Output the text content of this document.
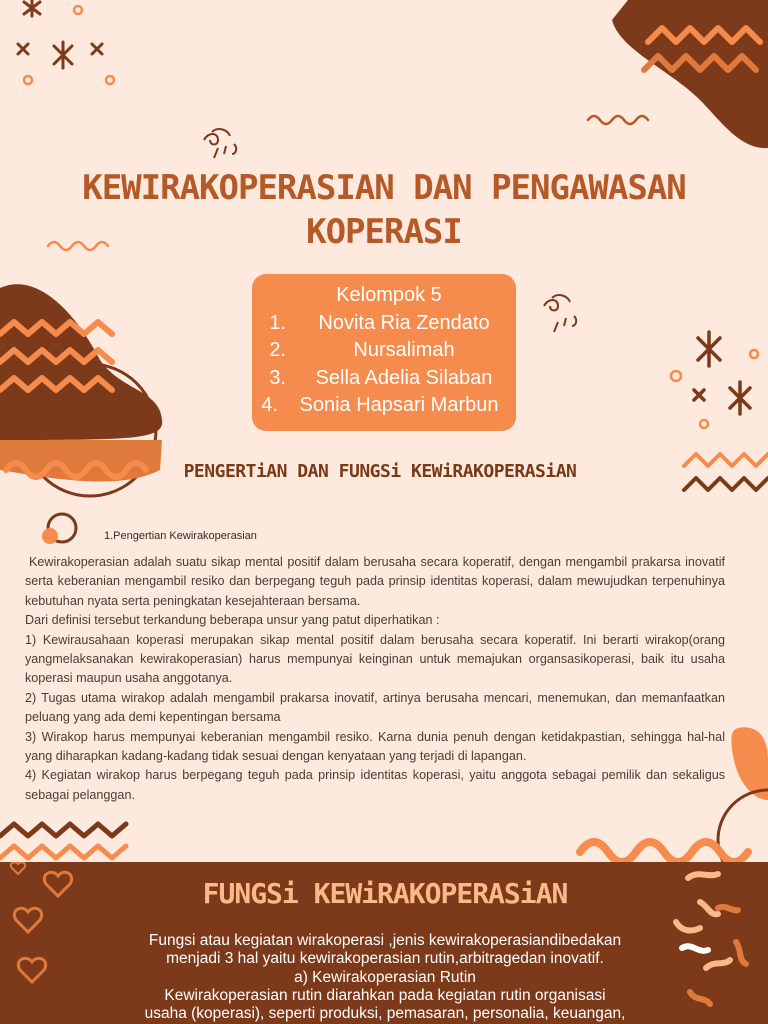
KEWIRAKOPERASIAN DAN PENGAWASAN
KOPERASI
Kelompok 5
1.	Novita Ria Zendato
2.	Nursalimah
3.	Sella Adelia Silaban
4.	Sonia Hapsari Marbun
PENGERTiAN DAN FUNGSi KEWiRAKOPERASiAN
1.Pengertian Kewirakoperasian

Kewirakoperasian adalah suatu sikap mental positif dalam berusaha secara koperatif, dengan mengambil prakarsa inovatif serta keberanian mengambil resiko dan berpegang teguh pada prinsip identitas koperasi, dalam mewujudkan terpenuhinya kebutuhan nyata serta peningkatan kesejahteraan bersama.

Dari definisi tersebut terkandung beberapa unsur yang patut diperhatikan :

1) Kewirausahaan koperasi merupakan sikap mental positif dalam berusaha secara koperatif. Ini berarti wirakop(orang yangmelaksanakan kewirakoperasian) harus mempunyai keinginan untuk memajukan organsasikoperasi, baik itu usaha koperasi maupun usaha anggotanya.

2) Tugas utama wirakop adalah mengambil prakarsa inovatif, artinya berusaha mencari, menemukan, dan memanfaatkan peluang yang ada demi kepentingan bersama

3) Wirakop harus mempunyai keberanian mengambil resiko. Karna dunia penuh dengan ketidakpastian, sehingga hal-hal yang diharapkan kadang-kadang tidak sesuai dengan kenyataan yang terjadi di lapangan.

4) Kegiatan wirakop harus berpegang teguh pada prinsip identitas koperasi, yaitu anggota sebagai pemilik dan sekaligus sebagai pelanggan.

FUNGSi KEWiRAKOPERASiAN
Fungsi atau kegiatan wirakoperasi ,jenis kewirakoperasiandibedakan
menjadi 3 hal yaitu kewirakoperasian rutin,arbitragedan inovatif.
a) Kewirakoperasian Rutin
Kewirakoperasian rutin diarahkan pada kegiatan rutin organisasi
usaha (koperasi), seperti produksi, pemasaran, personalia, keuangan,
